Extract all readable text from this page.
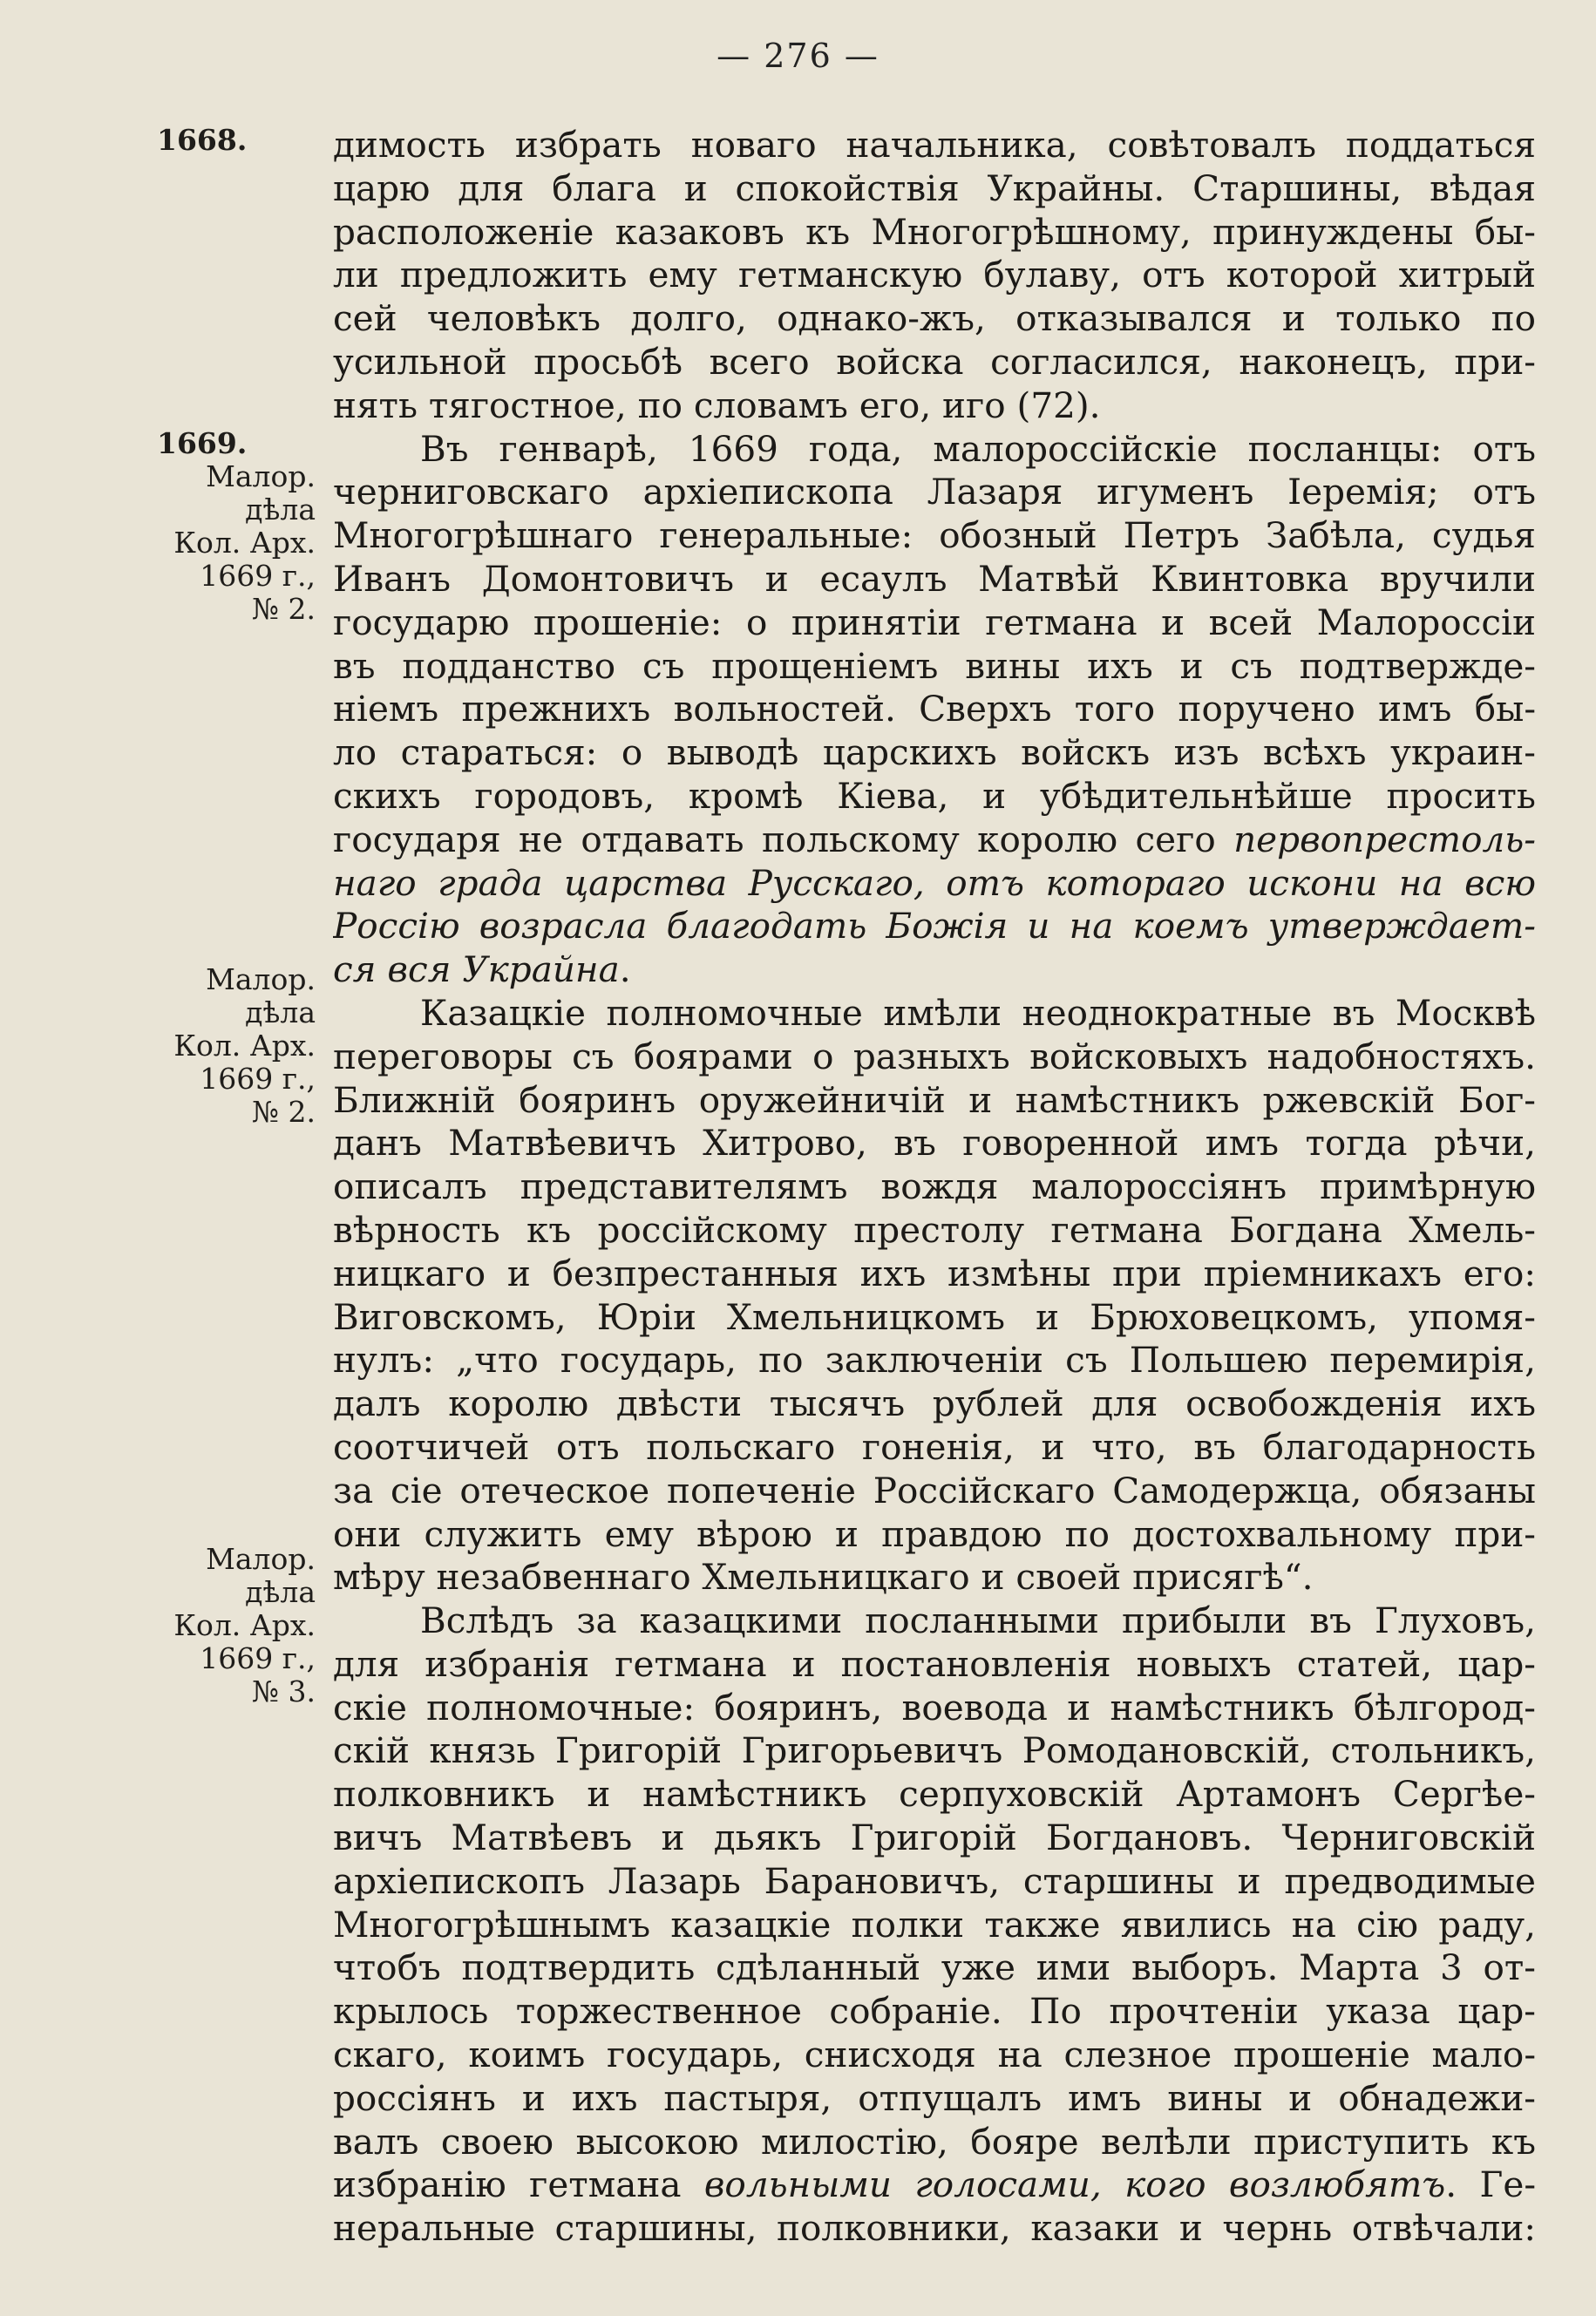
— 276 —
1668.
1669.
Малор.
дѣла
Кол. Арх.
1669 г.,
№ 2.
Малор.
дѣла
Кол. Арх.
1669 г.,
№ 2.
Малор.
дѣла
Кол. Арх.
1669 г.,
№ 3.
димость избрать новаго начальника, совѣтовалъ поддаться
царю для блага и спокойствія Украйны. Старшины, вѣдая
расположеніе казаковъ къ Многогрѣшному, принуждены бы-
ли предложить ему гетманскую булаву, отъ которой хитрый
сей человѣкъ долго, однако-жъ, отказывался и только по
усильной просьбѣ всего войска согласился, наконецъ, при-
нять тягостное, по словамъ его, иго (72).
Въ генварѣ, 1669 года, малороссійскіе посланцы: отъ
черниговскаго архіепископа Лазаря игуменъ Іеремія; отъ
Многогрѣшнаго генеральные: обозный Петръ Забѣла, судья
Иванъ Домонтовичъ и есаулъ Матвѣй Квинтовка вручили
государю прошеніе: о принятіи гетмана и всей Малороссіи
въ подданство съ прощеніемъ вины ихъ и съ подтвержде-
ніемъ прежнихъ вольностей. Сверхъ того поручено имъ бы-
ло стараться: о выводѣ царскихъ войскъ изъ всѣхъ украин-
скихъ городовъ, кромѣ Кіева, и убѣдительнѣйше просить
государя не отдавать польскому королю сего первопрестоль-
наго града царства Русскаго, отъ котораго искони на всю
Россію возрасла благодать Божія и на коемъ утверждает-
ся вся Украйна.
Казацкіе полномочные имѣли неоднократные въ Москвѣ
переговоры съ боярами о разныхъ войсковыхъ надобностяхъ.
Ближній бояринъ оружейничій и намѣстникъ ржевскій Бог-
данъ Матвѣевичъ Хитрово, въ говоренной имъ тогда рѣчи,
описалъ представителямъ вождя малороссіянъ примѣрную
вѣрность къ россійскому престолу гетмана Богдана Хмель-
ницкаго и безпрестанныя ихъ измѣны при пріемникахъ его:
Виговскомъ, Юріи Хмельницкомъ и Брюховецкомъ, упомя-
нулъ: „что государь, по заключеніи съ Польшею перемирія,
далъ королю двѣсти тысячъ рублей для освобожденія ихъ
соотчичей отъ польскаго гоненія, и что, въ благодарность
за сіе отеческое попеченіе Россійскаго Самодержца, обязаны
они служить ему вѣрою и правдою по достохвальному при-
мѣру незабвеннаго Хмельницкаго и своей присягѣ“.
Вслѣдъ за казацкими посланными прибыли въ Глуховъ,
для избранія гетмана и постановленія новыхъ статей, цар-
скіе полномочные: бояринъ, воевода и намѣстникъ бѣлгород-
скій князь Григорій Григорьевичъ Ромодановскій, стольникъ,
полковникъ и намѣстникъ серпуховскій Артамонъ Сергѣе-
вичъ Матвѣевъ и дьякъ Григорій Богдановъ. Черниговскій
архіепископъ Лазарь Барановичъ, старшины и предводимые
Многогрѣшнымъ казацкіе полки также явились на сію раду,
чтобъ подтвердить сдѣланный уже ими выборъ. Марта 3 от-
крылось торжественное собраніе. По прочтеніи указа цар-
скаго, коимъ государь, снисходя на слезное прошеніе мало-
россіянъ и ихъ пастыря, отпущалъ имъ вины и обнадежи-
валъ своею высокою милостію, бояре велѣли приступить къ
избранію гетмана вольными голосами, кого возлюбятъ. Ге-
неральные старшины, полковники, казаки и чернь отвѣчали:
